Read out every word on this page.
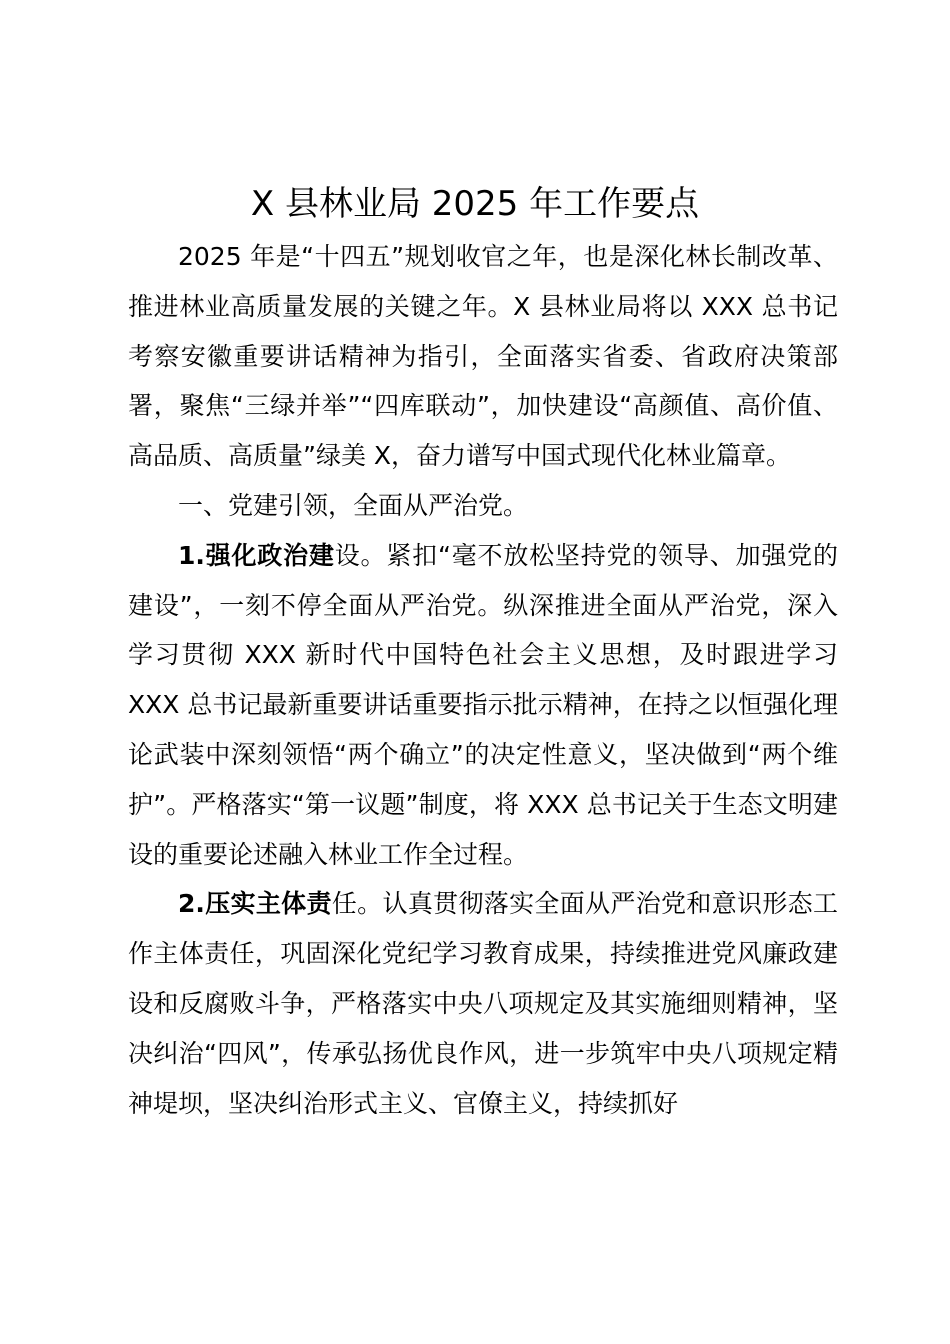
X 县林业局 2025 年工作要点

2025 年是“十四五”规划收官之年，也是深化林长制改革、推进林业高质量发展的关键之年。X 县林业局将以 XXX 总书记考察安徽重要讲话精神为指引，全面落实省委、省政府决策部署，聚焦“三绿并举”“四库联动”，加快建设“高颜值、高价值、高品质、高质量”绿美 X，奋力谱写中国式现代化林业篇章。

一、党建引领，全面从严治党。

1.强化政治建设。紧扣“毫不放松坚持党的领导、加强党的建设”，一刻不停全面从严治党。纵深推进全面从严治党，深入学习贯彻 XXX 新时代中国特色社会主义思想，及时跟进学习 XXX 总书记最新重要讲话重要指示批示精神，在持之以恒强化理论武装中深刻领悟“两个确立”的决定性意义，坚决做到“两个维护”。严格落实“第一议题”制度，将 XXX 总书记关于生态文明建设的重要论述融入林业工作全过程。

2.压实主体责任。认真贯彻落实全面从严治党和意识形态工作主体责任，巩固深化党纪学习教育成果，持续推进党风廉政建设和反腐败斗争，严格落实中央八项规定及其实施细则精神，坚决纠治“四风”，传承弘扬优良作风，进一步筑牢中央八项规定精神堤坝，坚决纠治形式主义、官僚主义，持续抓好
